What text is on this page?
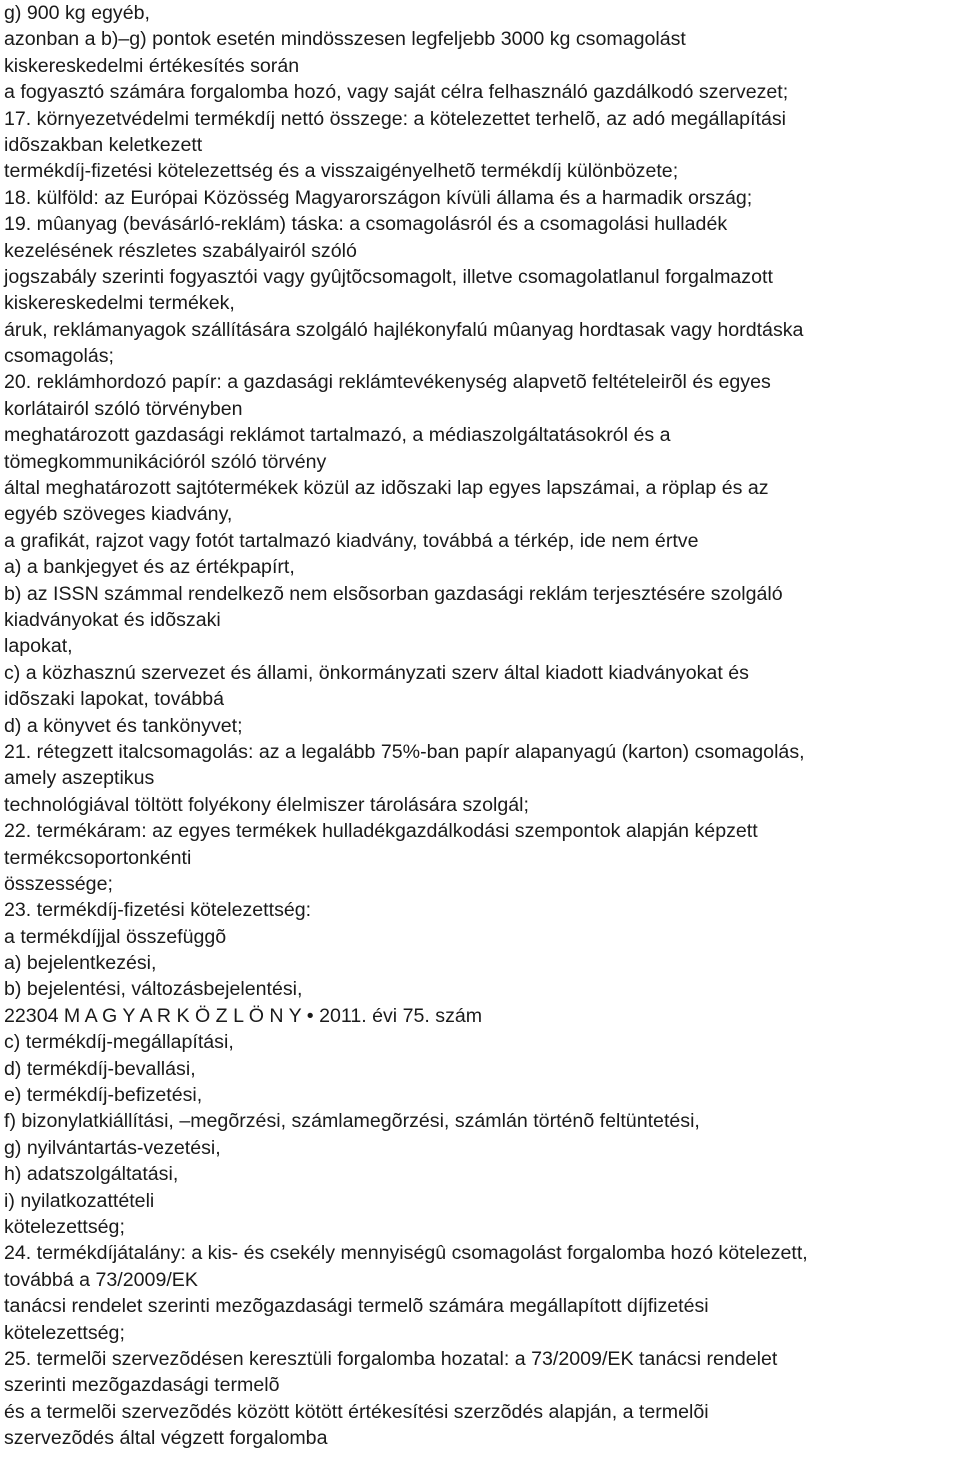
g) 900 kg egyéb,
azonban a b)–g) pontok esetén mindösszesen legfeljebb 3000 kg csomagolást
kiskereskedelmi értékesítés során
a fogyasztó számára forgalomba hozó, vagy saját célra felhasználó gazdálkodó szervezet;
17. környezetvédelmi termékdíj nettó összege: a kötelezettet terhelõ, az adó megállapítási
idõszakban keletkezett
termékdíj-fizetési kötelezettség és a visszaigényelhetõ termékdíj különbözete;
18. külföld: az Európai Közösség Magyarországon kívüli állama és a harmadik ország;
19. mûanyag (bevásárló-reklám) táska: a csomagolásról és a csomagolási hulladék
kezelésének részletes szabályairól szóló
jogszabály szerinti fogyasztói vagy gyûjtõcsomagolt, illetve csomagolatlanul forgalmazott
kiskereskedelmi termékek,
áruk, reklámanyagok szállítására szolgáló hajlékonyfalú mûanyag hordtasak vagy hordtáska
csomagolás;
20. reklámhordozó papír: a gazdasági reklámtevékenység alapvetõ feltételeirõl és egyes
korlátairól szóló törvényben
meghatározott gazdasági reklámot tartalmazó, a médiaszolgáltatásokról és a
tömegkommunikációról szóló törvény
által meghatározott sajtótermékek közül az idõszaki lap egyes lapszámai, a röplap és az
egyéb szöveges kiadvány,
a grafikát, rajzot vagy fotót tartalmazó kiadvány, továbbá a térkép, ide nem értve
a) a bankjegyet és az értékpapírt,
b) az ISSN számmal rendelkezõ nem elsõsorban gazdasági reklám terjesztésére szolgáló
kiadványokat és idõszaki
lapokat,
c) a közhasznú szervezet és állami, önkormányzati szerv által kiadott kiadványokat és
idõszaki lapokat, továbbá
d) a könyvet és tankönyvet;
21. rétegzett italcsomagolás: az a legalább 75%-ban papír alapanyagú (karton) csomagolás,
amely aszeptikus
technológiával töltött folyékony élelmiszer tárolására szolgál;
22. termékáram: az egyes termékek hulladékgazdálkodási szempontok alapján képzett
termékcsoportonkénti
összessége;
23. termékdíj-fizetési kötelezettség:
a termékdíjjal összefüggõ
a) bejelentkezési,
b) bejelentési, változásbejelentési,
22304 M A G Y A R K Ö Z L Ö N Y • 2011. évi 75. szám
c) termékdíj-megállapítási,
d) termékdíj-bevallási,
e) termékdíj-befizetési,
f) bizonylatkiállítási, –megõrzési, számlamegõrzési, számlán történõ feltüntetési,
g) nyilvántartás-vezetési,
h) adatszolgáltatási,
i) nyilatkozattételi
kötelezettség;
24. termékdíjátalány: a kis- és csekély mennyiségû csomagolást forgalomba hozó kötelezett,
továbbá a 73/2009/EK
tanácsi rendelet szerinti mezõgazdasági termelõ számára megállapított díjfizetési
kötelezettség;
25. termelõi szervezõdésen keresztüli forgalomba hozatal: a 73/2009/EK tanácsi rendelet
szerinti mezõgazdasági termelõ
és a termelõi szervezõdés között kötött értékesítési szerzõdés alapján, a termelõi
szervezõdés által végzett forgalomba
